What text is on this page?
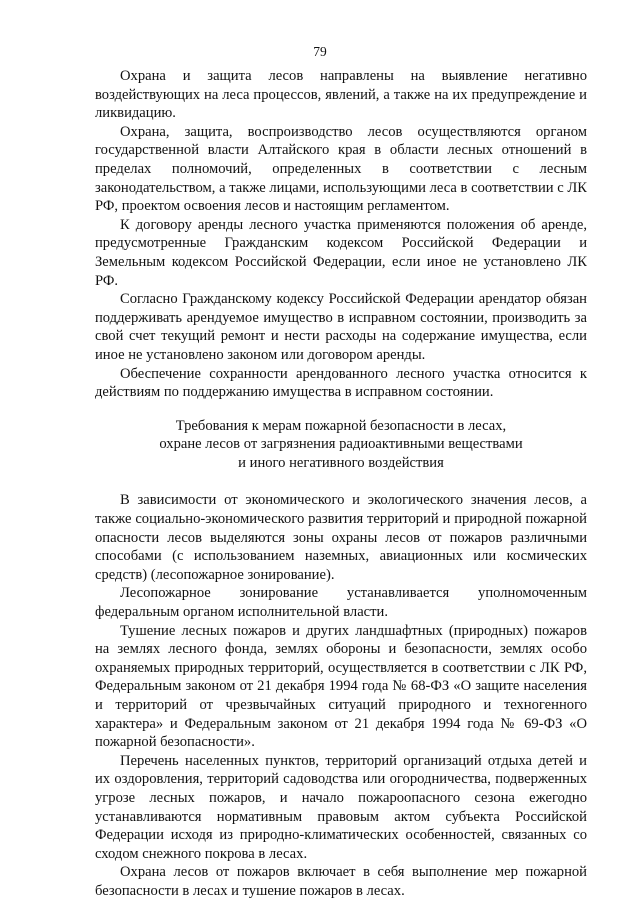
79

Охрана и защита лесов направлены на выявление негативно воздействующих на леса процессов, явлений, а также на их предупреждение и ликвидацию.

Охрана, защита, воспроизводство лесов осуществляются органом государственной власти Алтайского края в области лесных отношений в пределах полномочий, определенных в соответствии с лесным законодательством, а также лицами, использующими леса в соответствии с ЛК РФ, проектом освоения лесов и настоящим регламентом.

К договору аренды лесного участка применяются положения об аренде, предусмотренные Гражданским кодексом Российской Федерации и Земельным кодексом Российской Федерации, если иное не установлено ЛК РФ.

Согласно Гражданскому кодексу Российской Федерации арендатор обязан поддерживать арендуемое имущество в исправном состоянии, производить за свой счет текущий ремонт и нести расходы на содержание имущества, если иное не установлено законом или договором аренды.

Обеспечение сохранности арендованного лесного участка относится к действиям по поддержанию имущества в исправном состоянии.

Требования к мерам пожарной безопасности в лесах,
охране лесов от загрязнения радиоактивными веществами
и иного негативного воздействия

В зависимости от экономического и экологического значения лесов, а также социально-экономического развития территорий и природной пожарной опасности лесов выделяются зоны охраны лесов от пожаров различными способами (с использованием наземных, авиационных или космических средств) (лесопожарное зонирование).

Лесопожарное зонирование устанавливается уполномоченным федеральным органом исполнительной власти.

Тушение лесных пожаров и других ландшафтных (природных) пожаров на землях лесного фонда, землях обороны и безопасности, землях особо охраняемых природных территорий, осуществляется в соответствии с ЛК РФ, Федеральным законом от 21 декабря 1994 года № 68-ФЗ «О защите населения и территорий от чрезвычайных ситуаций природного и техногенного характера» и Федеральным законом от 21 декабря 1994 года № 69-ФЗ «О пожарной безопасности».

Перечень населенных пунктов, территорий организаций отдыха детей и их оздоровления, территорий садоводства или огородничества, подверженных угрозе лесных пожаров, и начало пожароопасного сезона ежегодно устанавливаются нормативным правовым актом субъекта Российской Федерации исходя из природно-климатических особенностей, связанных со сходом снежного покрова в лесах.

Охрана лесов от пожаров включает в себя выполнение мер пожарной безопасности в лесах и тушение пожаров в лесах.
